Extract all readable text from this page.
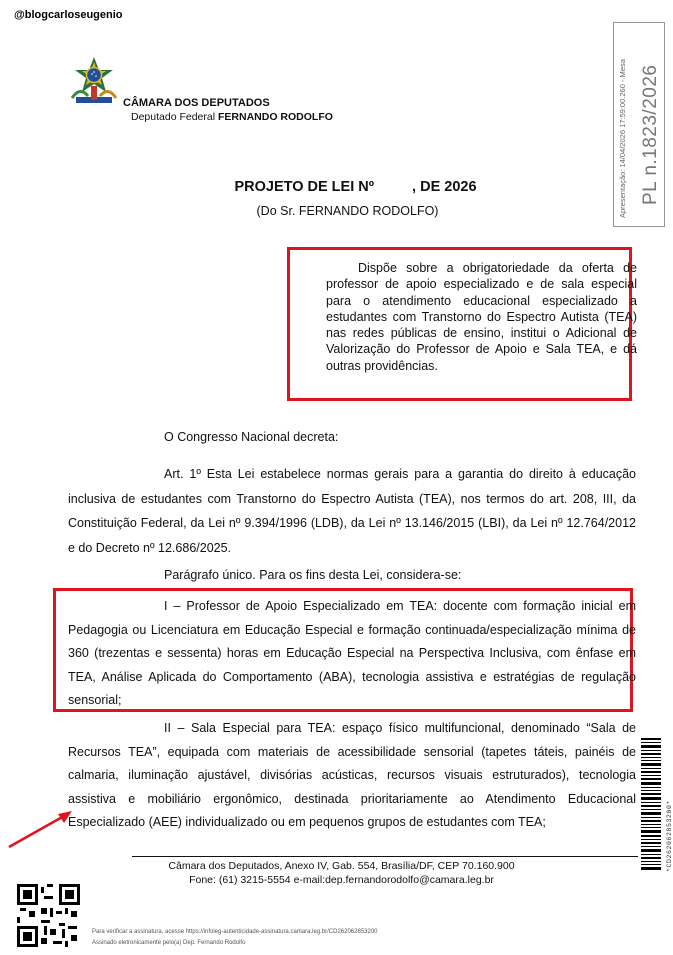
@blogcarloseugenio
CÂMARA DOS DEPUTADOS
Deputado Federal FERNANDO RODOLFO	Apresentação: 14/04/2026 17:59:00.260 - Mesa PL n.1823/2026
PROJETO DE LEI Nº	, DE 2026
(Do Sr. FERNANDO RODOLFO)
Dispõe sobre a obrigatoriedade da oferta de professor de apoio especializado e de sala especial para o atendimento educacional especializado a estudantes com Transtorno do Espectro Autista (TEA) nas redes públicas de ensino, institui o Adicional de Valorização do Professor de Apoio e Sala TEA, e dá outras providências.
O Congresso Nacional decreta:
Art. 1º Esta Lei estabelece normas gerais para a garantia do direito à educação inclusiva de estudantes com Transtorno do Espectro Autista (TEA), nos termos do art. 208, III, da Constituição Federal, da Lei nº 9.394/1996 (LDB), da Lei nº 13.146/2015 (LBI), da Lei nº 12.764/2012 e do Decreto nº 12.686/2025.
Parágrafo único. Para os fins desta Lei, considera-se:
I – Professor de Apoio Especializado em TEA: docente com formação inicial em Pedagogia ou Licenciatura em Educação Especial e formação continuada/especialização mínima de 360 (trezentas e sessenta) horas em Educação Especial na Perspectiva Inclusiva, com ênfase em TEA, Análise Aplicada do Comportamento (ABA), tecnologia assistiva e estratégias de regulação sensorial;
II – Sala Especial para TEA: espaço físico multifuncional, denominado “Sala de Recursos TEA”, equipada com materiais de acessibilidade sensorial (tapetes táteis, painéis de calmaria, iluminação ajustável, divisórias acústicas, recursos visuais estruturados), tecnologia assistiva e mobiliário ergonômico, destinada prioritariamente ao Atendimento Educacional Especializado (AEE) individualizado ou em pequenos grupos de estudantes com TEA;
Câmara dos Deputados, Anexo IV, Gab. 554, Brasília/DF, CEP 70.160.900
Fone: (61) 3215-5554 e-mail:dep.fernandorodolfo@camara.leg.br
Para verificar a assinatura, acesse https://infoleg-autenticidade-assinatura.camara.leg.br/CD262062853200
Assinado eletronicamente pelo(a) Dep. Fernando Rodolfo
*CD262062853200*
